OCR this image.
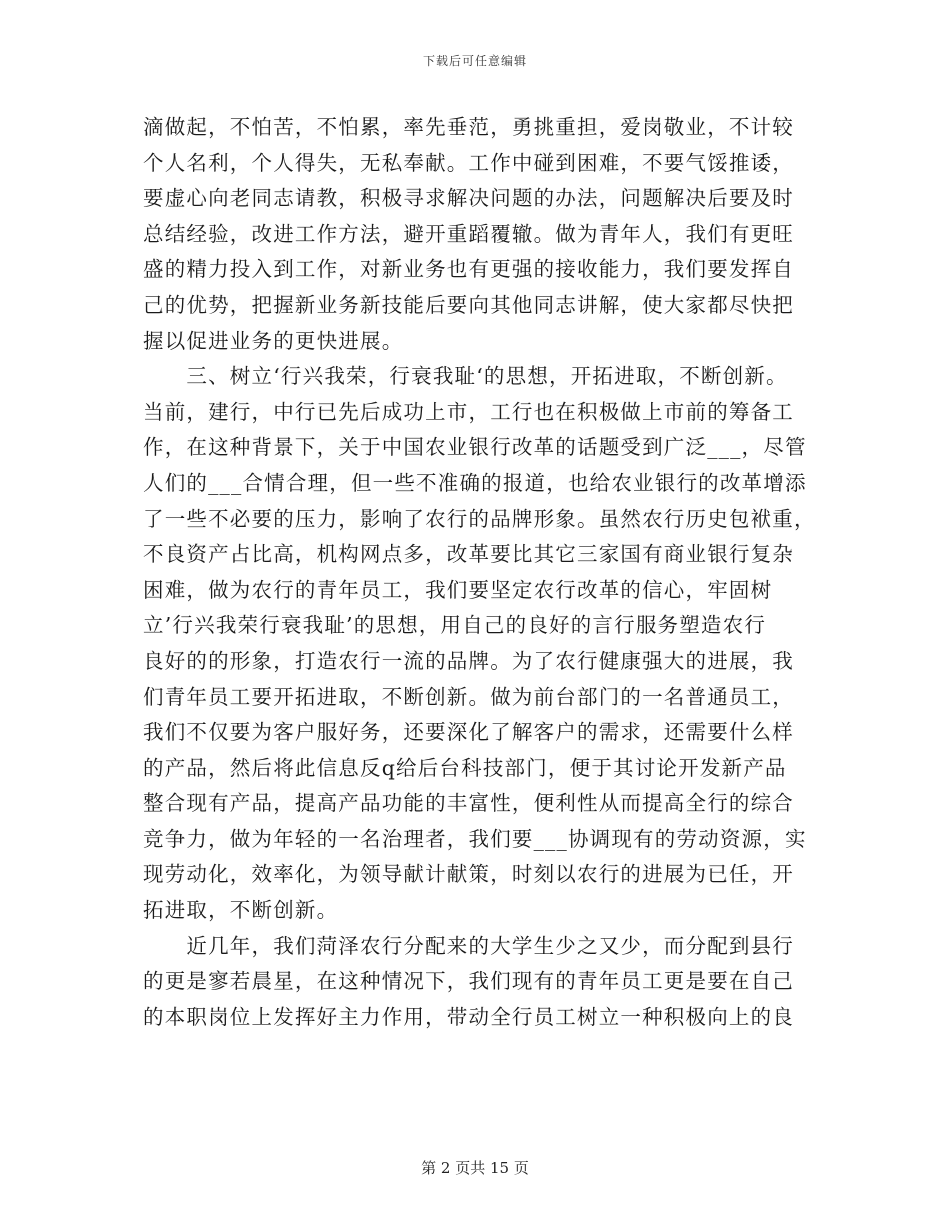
下载后可任意编辑
滴做起，不怕苦，不怕累，率先垂范，勇挑重担，爱岗敬业，不计较
个人名利，个人得失，无私奉献。工作中碰到困难，不要气馁推诿，
要虚心向老同志请教，积极寻求解决问题的办法，问题解决后要及时
总结经验，改进工作方法，避开重蹈覆辙。做为青年人，我们有更旺
盛的精力投入到工作，对新业务也有更强的接收能力，我们要发挥自
己的优势，把握新业务新技能后要向其他同志讲解，使大家都尽快把
握以促进业务的更快进展。
　　三、树立‘行兴我荣，行衰我耻‘的思想，开拓进取，不断创新。
当前，建行，中行已先后成功上市，工行也在积极做上市前的筹备工
作，在这种背景下，关于中国农业银行改革的话题受到广泛___，尽管
人们的___合情合理，但一些不准确的报道，也给农业银行的改革增添
了一些不必要的压力，影响了农行的品牌形象。虽然农行历史包袱重，
不良资产占比高，机构网点多，改革要比其它三家国有商业银行复杂
困难，做为农行的青年员工，我们要坚定农行改革的信心，牢固树
立’行兴我荣行衰我耻’的思想，用自己的良好的言行服务塑造农行
良好的的形象，打造农行一流的品牌。为了农行健康强大的进展，我
们青年员工要开拓进取，不断创新。做为前台部门的一名普通员工，
我们不仅要为客户服好务，还要深化了解客户的需求，还需要什么样
的产品，然后将此信息反q给后台科技部门，便于其讨论开发新产品
整合现有产品，提高产品功能的丰富性，便利性从而提高全行的综合
竞争力，做为年轻的一名治理者，我们要___协调现有的劳动资源，实
现劳动化，效率化，为领导献计献策，时刻以农行的进展为已任，开
拓进取，不断创新。
　　近几年，我们菏泽农行分配来的大学生少之又少，而分配到县行
的更是寥若晨星，在这种情况下，我们现有的青年员工更是要在自己
的本职岗位上发挥好主力作用，带动全行员工树立一种积极向上的良
第 2 页共 15 页
